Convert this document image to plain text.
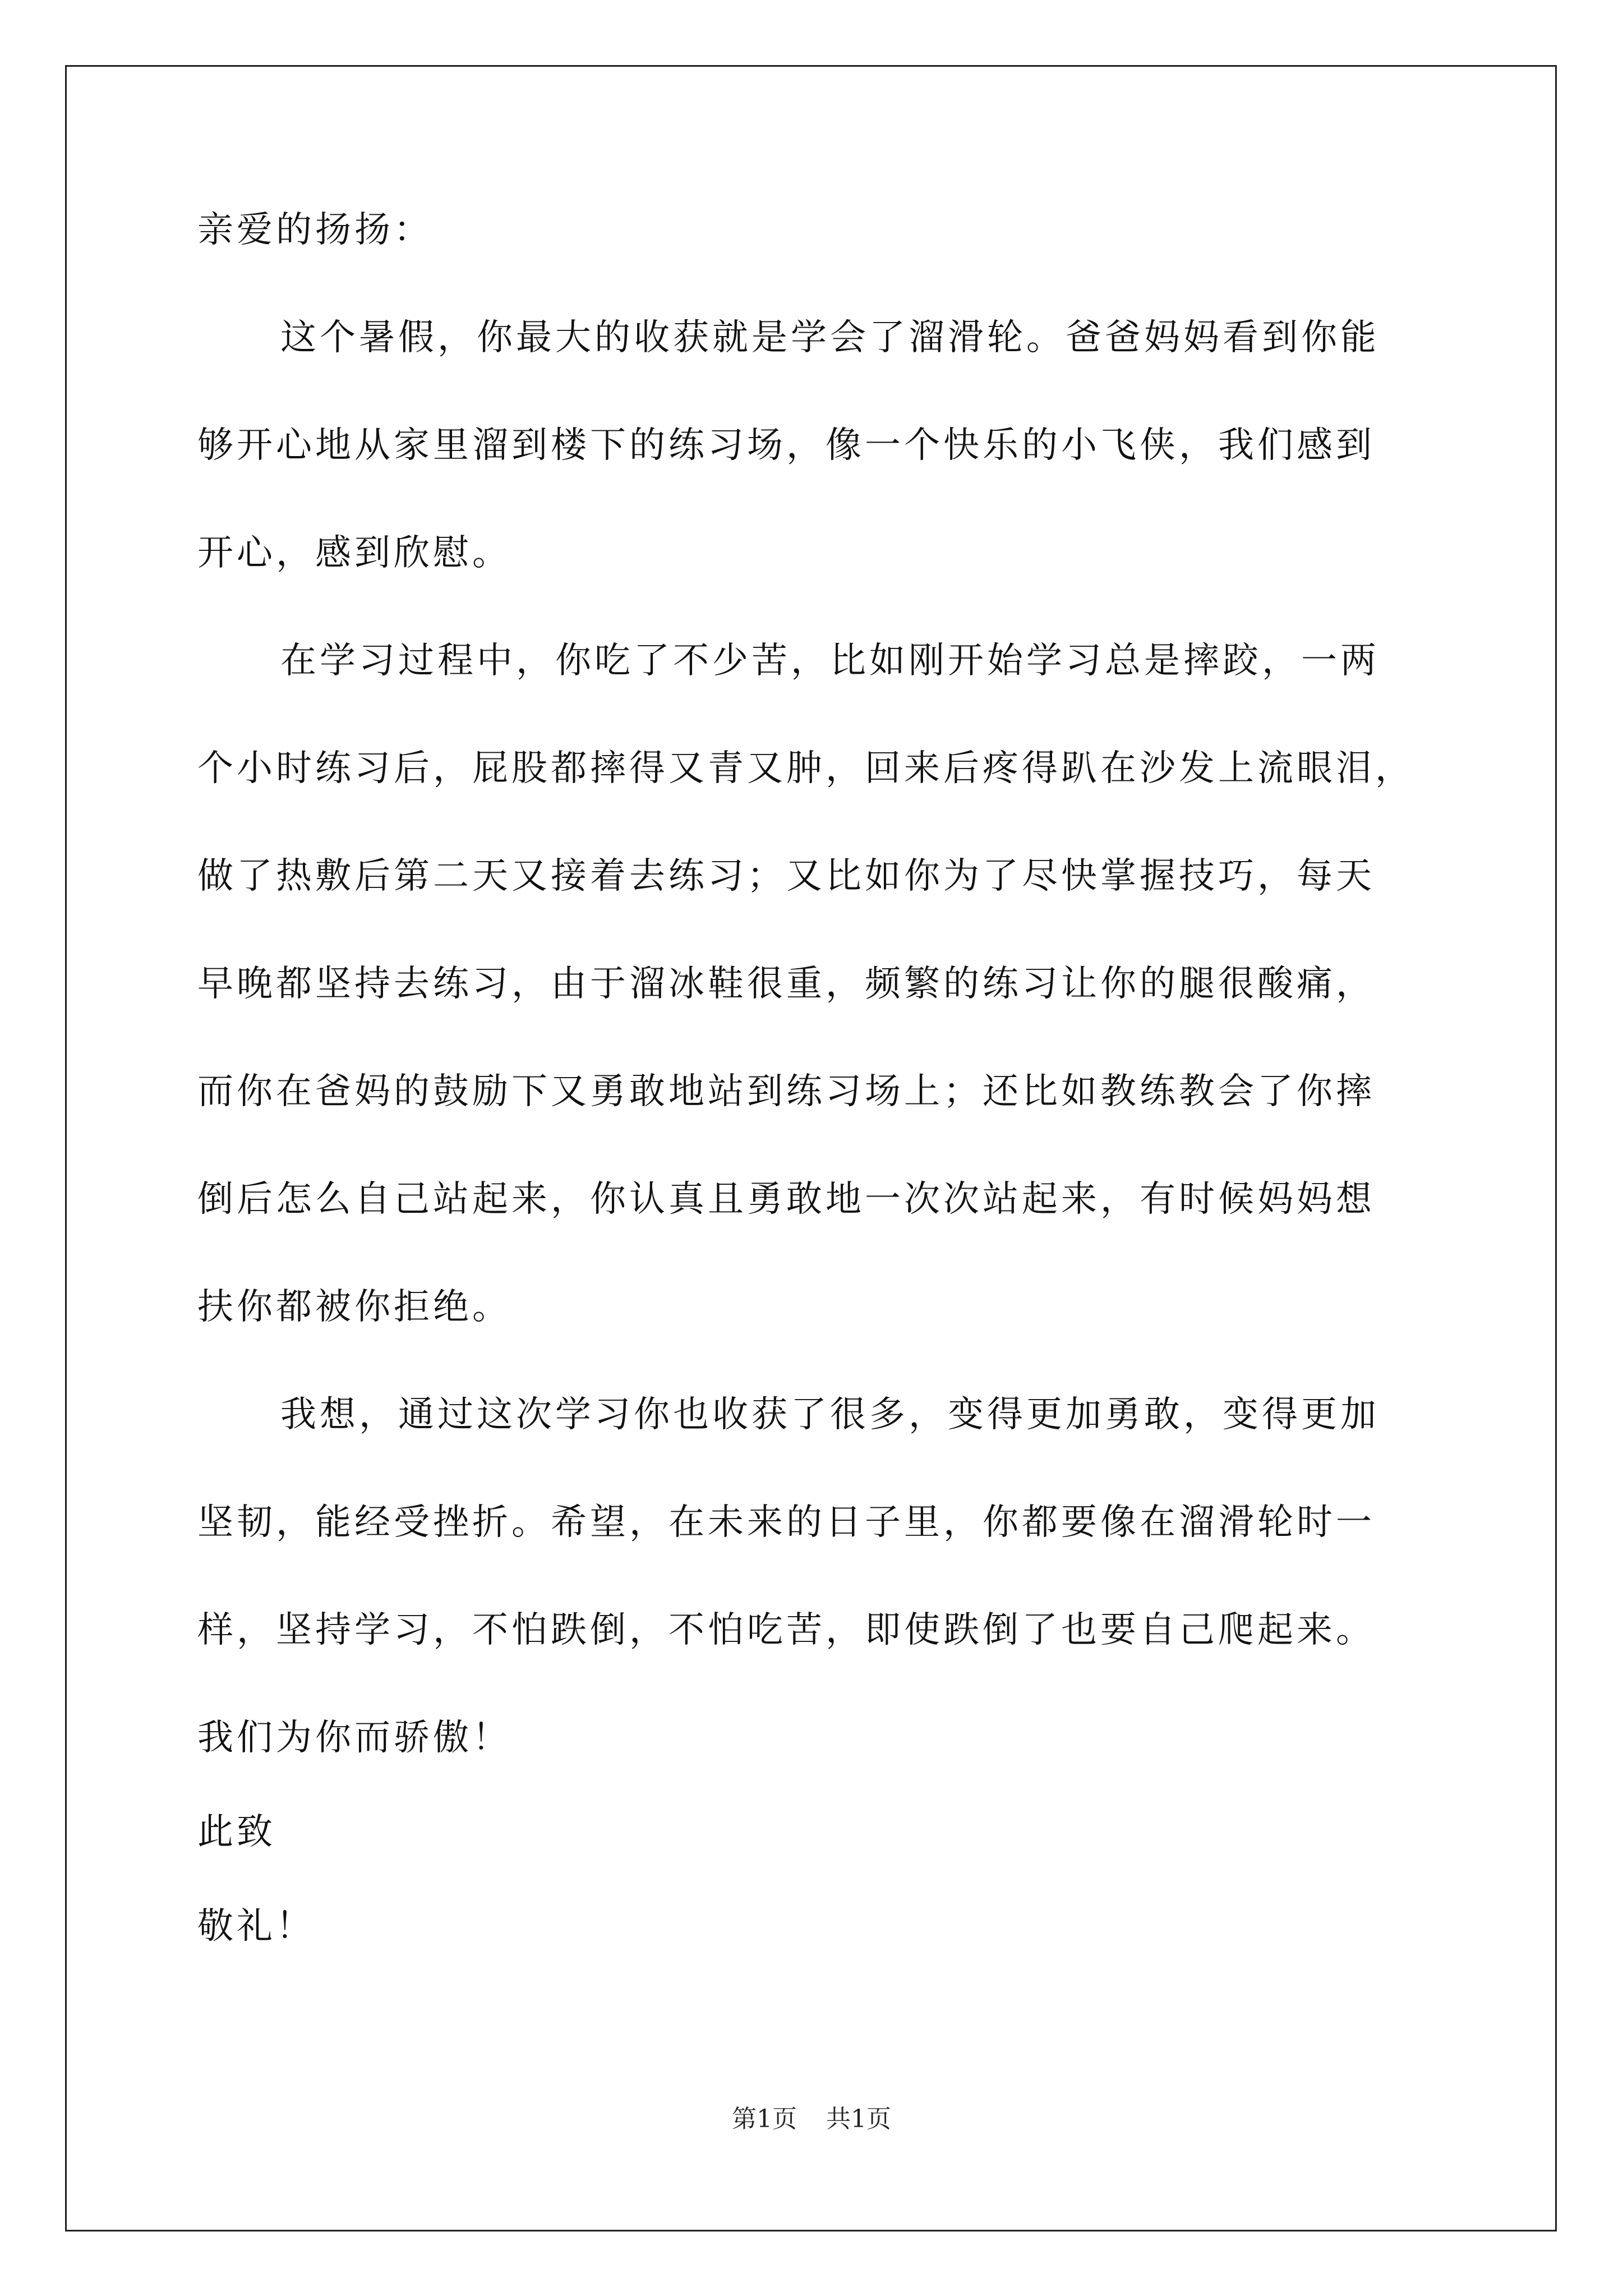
亲爱的扬扬：
这个暑假，你最大的收获就是学会了溜滑轮。爸爸妈妈看到你能
够开心地从家里溜到楼下的练习场，像一个快乐的小飞侠，我们感到
开心，感到欣慰。
在学习过程中，你吃了不少苦，比如刚开始学习总是摔跤，一两
个小时练习后，屁股都摔得又青又肿，回来后疼得趴在沙发上流眼泪，
做了热敷后第二天又接着去练习；又比如你为了尽快掌握技巧，每天
早晚都坚持去练习，由于溜冰鞋很重，频繁的练习让你的腿很酸痛，
而你在爸妈的鼓励下又勇敢地站到练习场上；还比如教练教会了你摔
倒后怎么自己站起来，你认真且勇敢地一次次站起来，有时候妈妈想
扶你都被你拒绝。
我想，通过这次学习你也收获了很多，变得更加勇敢，变得更加
坚韧，能经受挫折。希望，在未来的日子里，你都要像在溜滑轮时一
样，坚持学习，不怕跌倒，不怕吃苦，即使跌倒了也要自己爬起来。
我们为你而骄傲！
此致
敬礼！
第1页 共1页
